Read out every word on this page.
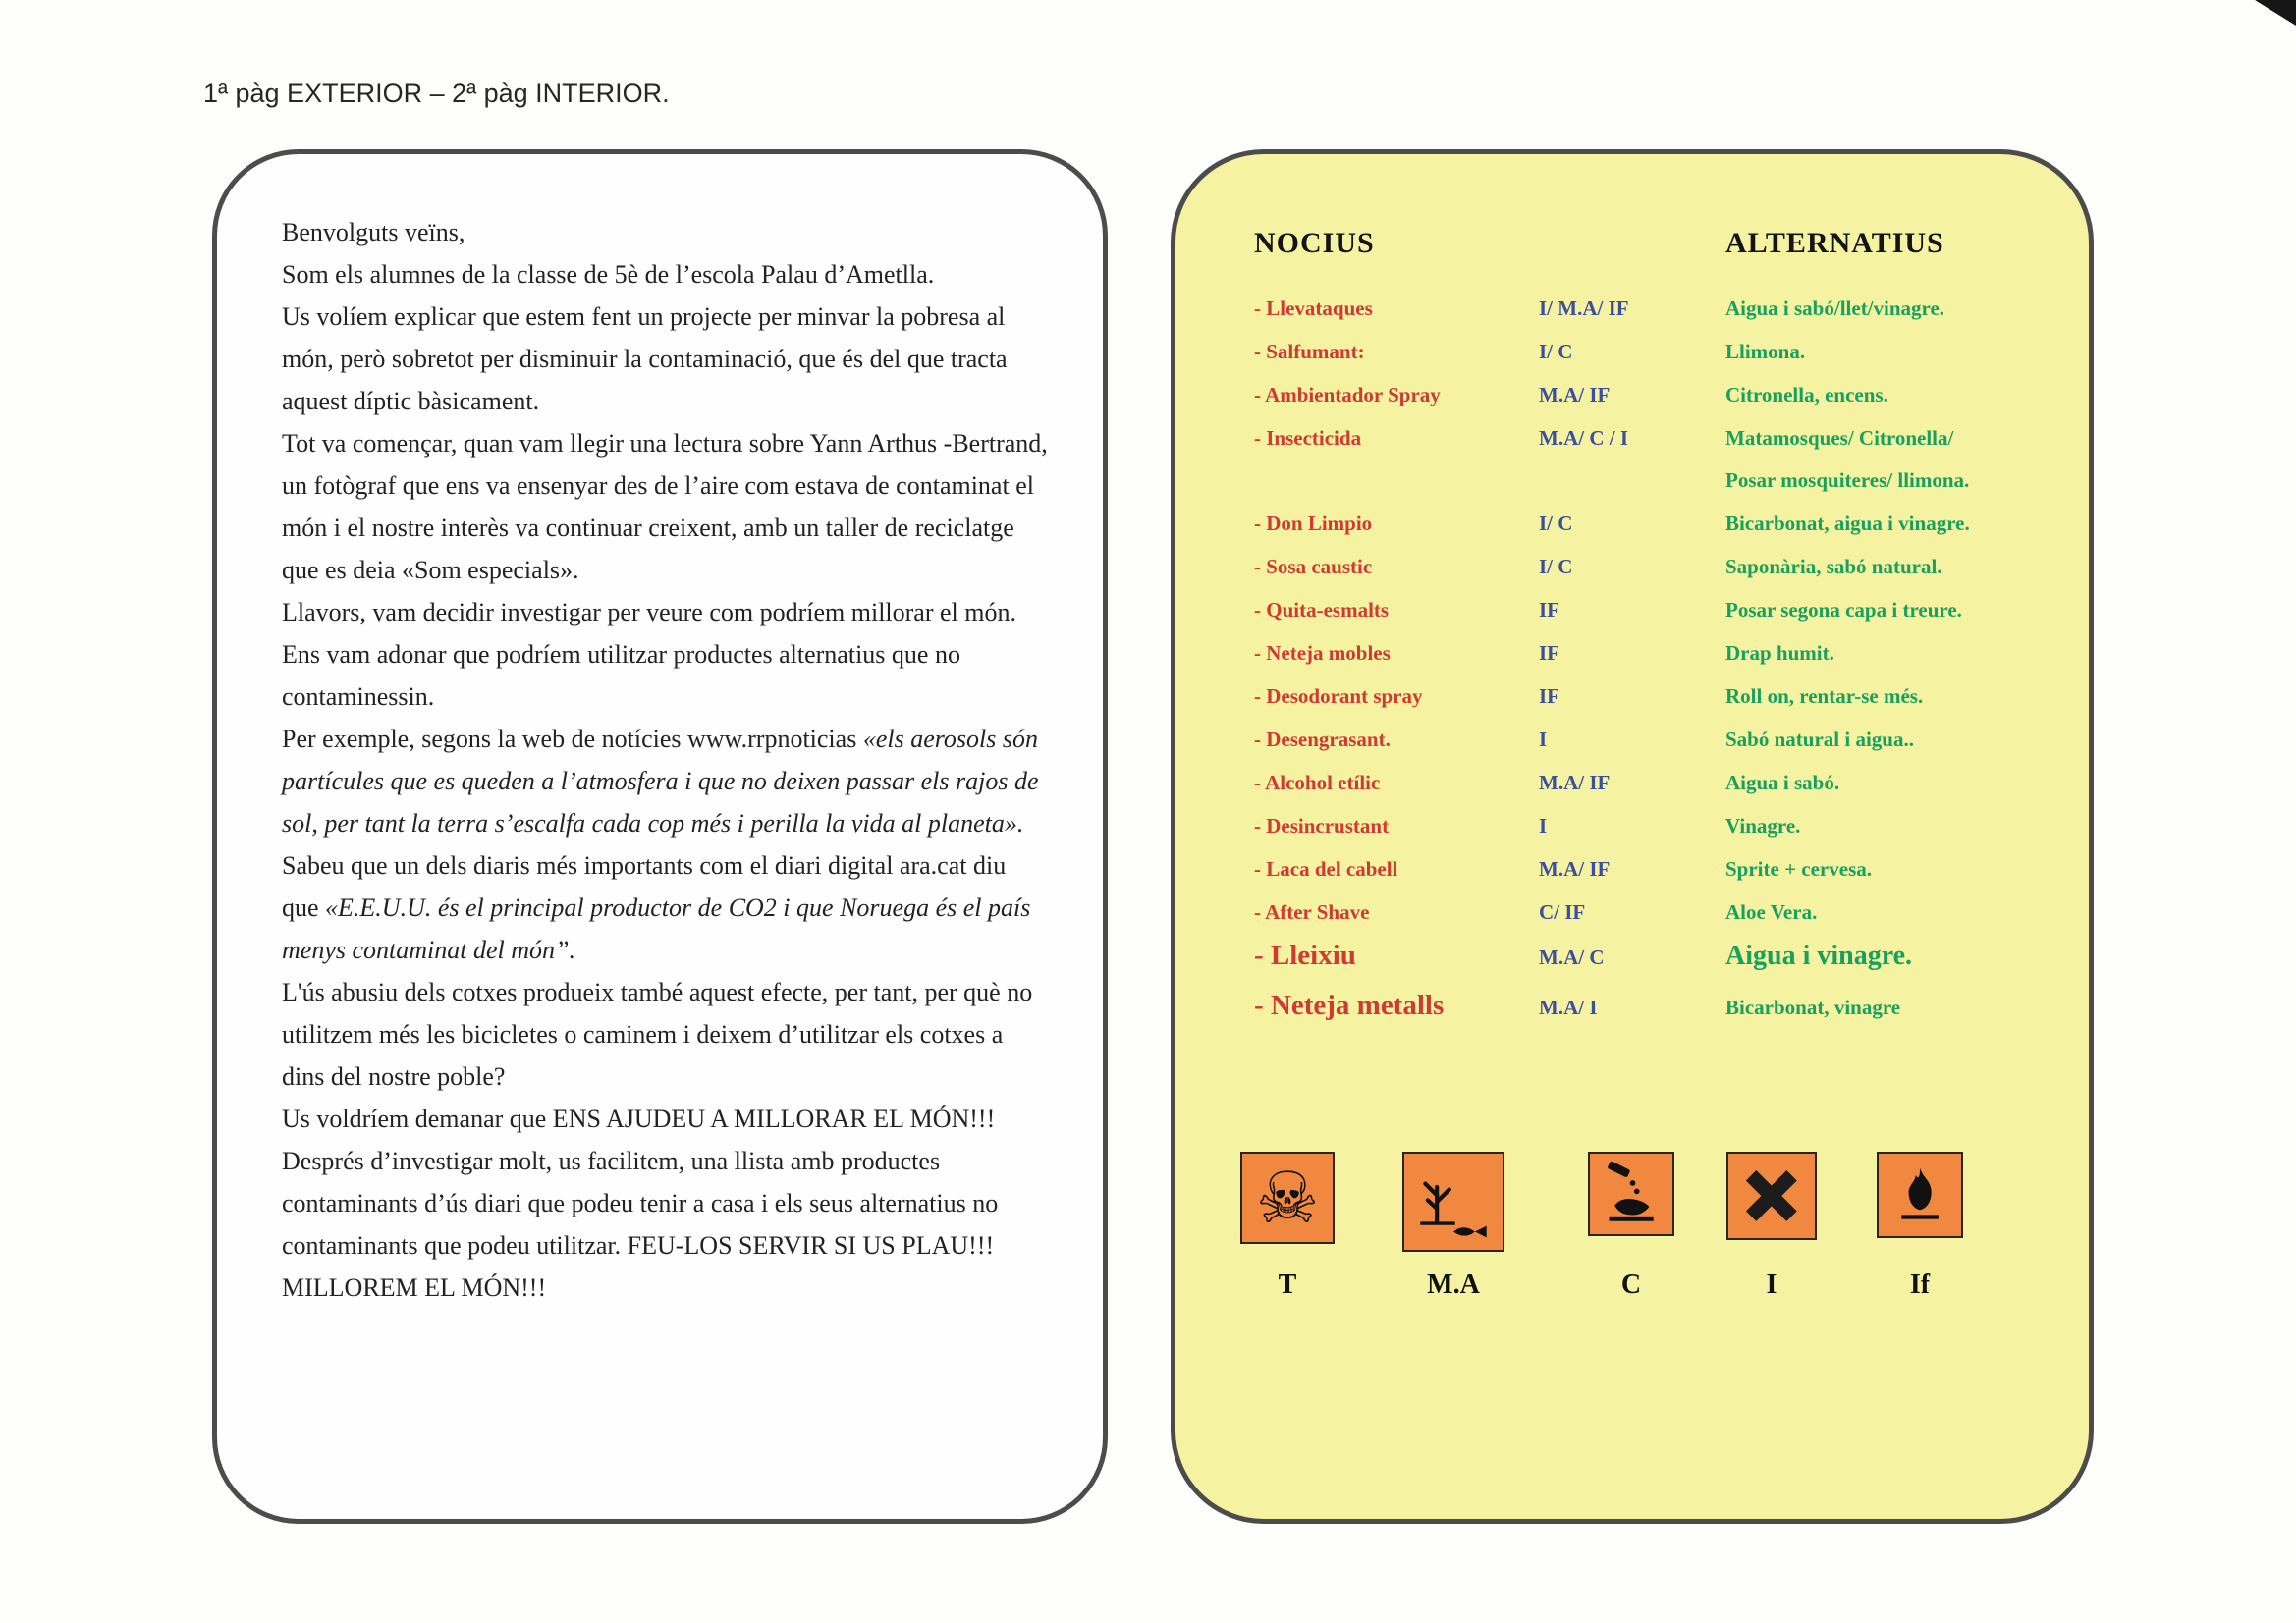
1ª pàg EXTERIOR – 2ª pàg INTERIOR.

Benvolguts veïns,

Som els alumnes de la classe de 5è de l’escola Palau d’Ametlla.

Us volíem explicar que estem fent un projecte per minvar la pobresa al món, però sobretot per disminuir la contaminació, que és del que tracta aquest díptic bàsicament.

Tot va començar, quan vam llegir una lectura sobre Yann Arthus -Bertrand, un fotògraf que ens va ensenyar des de l’aire com estava de contaminat el món i el nostre interès va continuar creixent, amb un taller de reciclatge que es deia «Som especials».

Llavors, vam decidir investigar per veure com podríem millorar el món. Ens vam adonar que podríem utilitzar productes alternatius que no contaminessin.

Per exemple, segons la web de notícies www.rrpnoticias «els aerosols són partícules que es queden a l’atmosfera i que no deixen passar els rajos de sol, per tant la terra s’escalfa cada cop més i perilla la vida al planeta».

Sabeu que un dels diaris més importants com el diari digital ara.cat diu que «E.E.U.U. és el principal productor de CO2 i que Noruega és el país menys contaminat del món”.

L'ús abusiu dels cotxes produeix també aquest efecte, per tant, per què no utilitzem més les bicicletes o caminem i deixem d’utilitzar els cotxes a dins del nostre poble?

Us voldríem demanar que ENS AJUDEU A MILLORAR EL MÓN!!!

Després d’investigar molt, us facilitem, una llista amb productes contaminants d’ús diari que podeu tenir a casa i els seus alternatius no contaminants que podeu utilitzar. FEU-LOS SERVIR SI US PLAU!!! MILLOREM EL MÓN!!!

NOCIUS	ALTERNATIUS
- Llevataques	I/ M.A/ IF	Aigua i sabó/llet/vinagre.
- Salfumant:	I/ C	Llimona.
- Ambientador Spray	M.A/ IF	Citronella, encens.
- Insecticida	M.A/ C / I	Matamosques/ Citronella/
Posar mosquiteres/ llimona.
- Don Limpio	I/ C	Bicarbonat, aigua i vinagre.
- Sosa caustic	I/ C	Saponària, sabó natural.
- Quita-esmalts	IF	Posar segona capa i treure.
- Neteja mobles	IF	Drap humit.
- Desodorant spray	IF	Roll on, rentar-se més.
- Desengrasant.	I	Sabó natural i aigua..
- Alcohol etílic	M.A/ IF	Aigua i sabó.
- Desincrustant	I	Vinagre.
- Laca del cabell	M.A/ IF	Sprite + cervesa.
- After Shave	C/ IF	Aloe Vera.
- Lleixiu	M.A/ C	Aigua i vinagre.
- Neteja metalls	M.A/ I	Bicarbonat, vinagre
☠
T	M.A	C	I	If
